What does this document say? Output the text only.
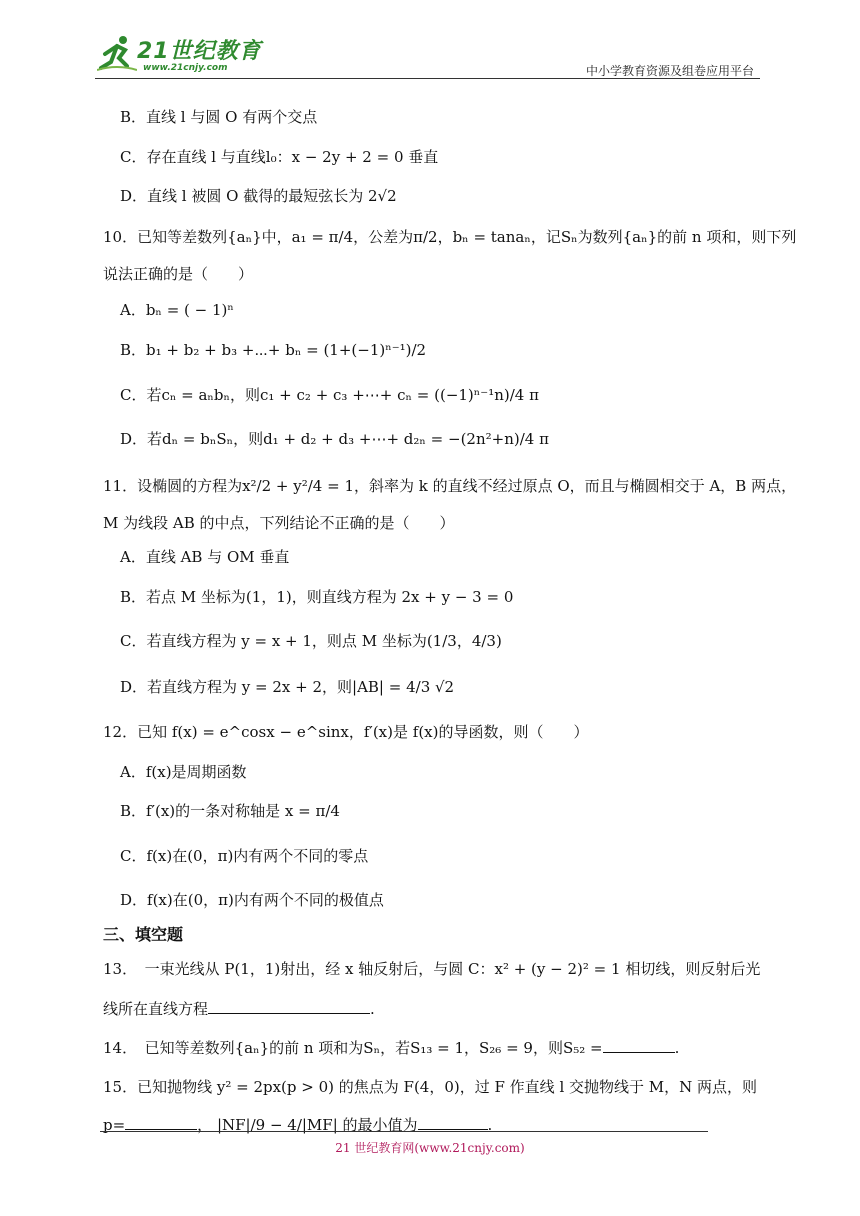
21世纪教育
www.21cnjy.com	中小学教育资源及组卷应用平台
B．直线 l 与圆 O 有两个交点
C．存在直线 l 与直线l₀：x − 2y + 2 = 0 垂直
D．直线 l 被圆 O 截得的最短弦长为 2√2
10．已知等差数列{aₙ}中，a₁ = π/4，公差为π/2，bₙ = tanaₙ，记Sₙ为数列{aₙ}的前 n 项和，则下列
说法正确的是（　　）
A．bₙ = ( − 1)ⁿ
B．b₁ + b₂ + b₃ +⋯+ bₙ = (1+(−1)ⁿ⁻¹)/2
C．若cₙ = aₙbₙ，则c₁ + c₂ + c₃ +⋯+ cₙ = ((−1)ⁿ⁻¹n)/4 π
D．若dₙ = bₙSₙ，则d₁ + d₂ + d₃ +⋯+ d₂ₙ = −(2n²+n)/4 π
11．设椭圆的方程为x²/2 + y²/4 = 1，斜率为 k 的直线不经过原点 O，而且与椭圆相交于 A，B 两点，
M 为线段 AB 的中点，下列结论不正确的是（　　）
A．直线 AB 与 OM 垂直
B．若点 M 坐标为(1，1)，则直线方程为 2x + y − 3 = 0
C．若直线方程为 y = x + 1，则点 M 坐标为(1/3，4/3)
D．若直线方程为 y = 2x + 2，则|AB| = 4/3 √2
12．已知 f(x) = e^cosx − e^sinx，f′(x)是 f(x)的导函数，则（　　）
A．f(x)是周期函数
B．f′(x)的一条对称轴是 x = π/4
C．f(x)在(0，π)内有两个不同的零点
D．f(x)在(0，π)内有两个不同的极值点
三、填空题
13．　一束光线从 P(1，1)射出，经 x 轴反射后，与圆 C：x² + (y − 2)² = 1 相切线，则反射后光
线所在直线方程	.
14．　已知等差数列{aₙ}的前 n 项和为Sₙ，若S₁₃ = 1，S₂₆ = 9，则S₅₂ =	.
15．已知抛物线 y² = 2px(p > 0) 的焦点为 F(4，0)，过 F 作直线 l 交抛物线于 M，N 两点，则
p=	， |NF|/9 − 4/|MF| 的最小值为	.
21 世纪教育网(www.21cnjy.com)
